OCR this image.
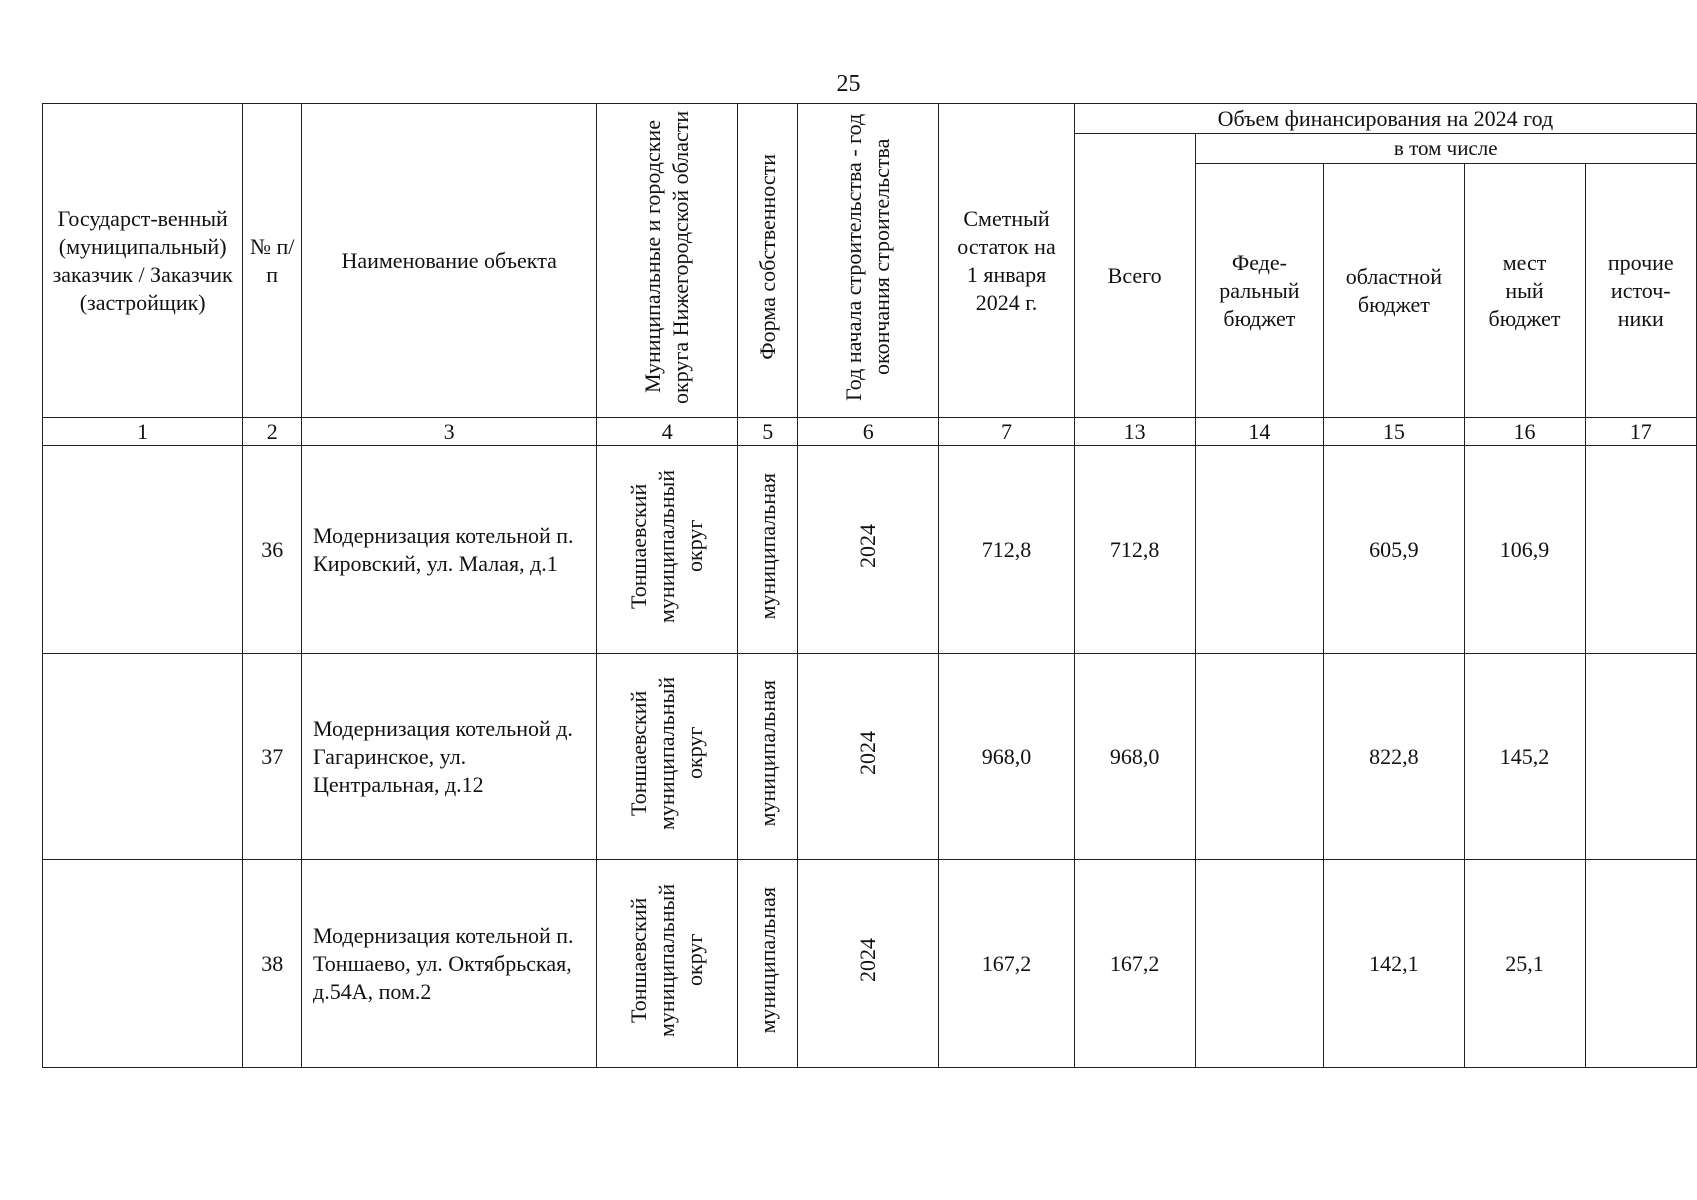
25
Государст-венный (муниципальный) заказчик / Заказчик (застройщик)	№ п/п	Наименование объекта	Муниципальные и городские округа Нижегородской области	Форма собственности	Год начала строительства - год окончания строительства	Сметный остаток на 1 января 2024 г.	Объем финансирования на 2024 год				
							Всего	в том числе			
								Феде-ральный бюджет	областной бюджет	мест ный бюджет	прочие источ-ники
1	2	3	4	5	6	7	13	14	15	16	17
	36	Модернизация котельной п. Кировский, ул. Малая, д.1	Тоншаевский муниципальный округ	муниципальная	2024	712,8	712,8		605,9	106,9	
	37	Модернизация котельной д. Гагаринское, ул. Центральная, д.12	Тоншаевский муниципальный округ	муниципальная	2024	968,0	968,0		822,8	145,2	
	38	Модернизация котельной п. Тоншаево, ул. Октябрьская, д.54А, пом.2	Тоншаевский муниципальный округ	муниципальная	2024	167,2	167,2		142,1	25,1	
